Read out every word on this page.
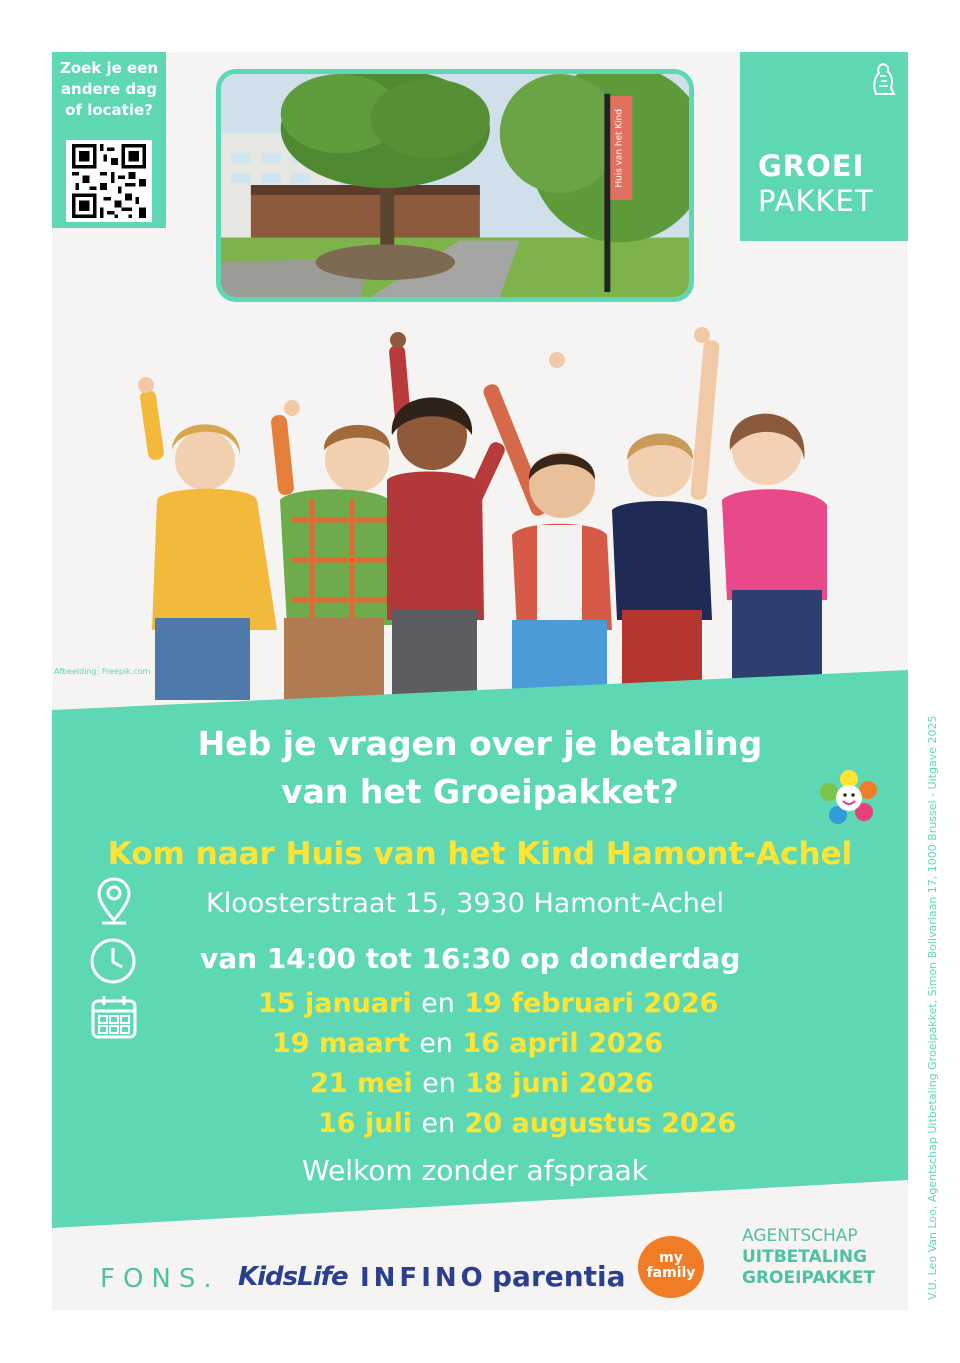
Zoek je een
andere dag
of locatie?	Huis van het Kind	GROEI
PAKKET
Afbeelding: Freepik.com
Heb je vragen over je betaling
van het Groeipakket?
Kom naar Huis van het Kind Hamont-Achel
Kloosterstraat 15, 3930 Hamont-Achel
van 14:00 tot 16:30 op donderdag
15 januari en 19 februari 2026
19 maart en 16 april 2026
21 mei en 18 juni 2026
16 juli en 20 augustus 2026
Welkom zonder afspraak	V.U. Leo Van Loo, Agentschap Uitbetaling Groeipakket, Simon Bolivarlaan 17, 1000 Brussel - Uitgave 2025
FONS. KidsLife INFINO parentia
my
family
AGENTSCHAP
UITBETALING
GROEIPAKKET
